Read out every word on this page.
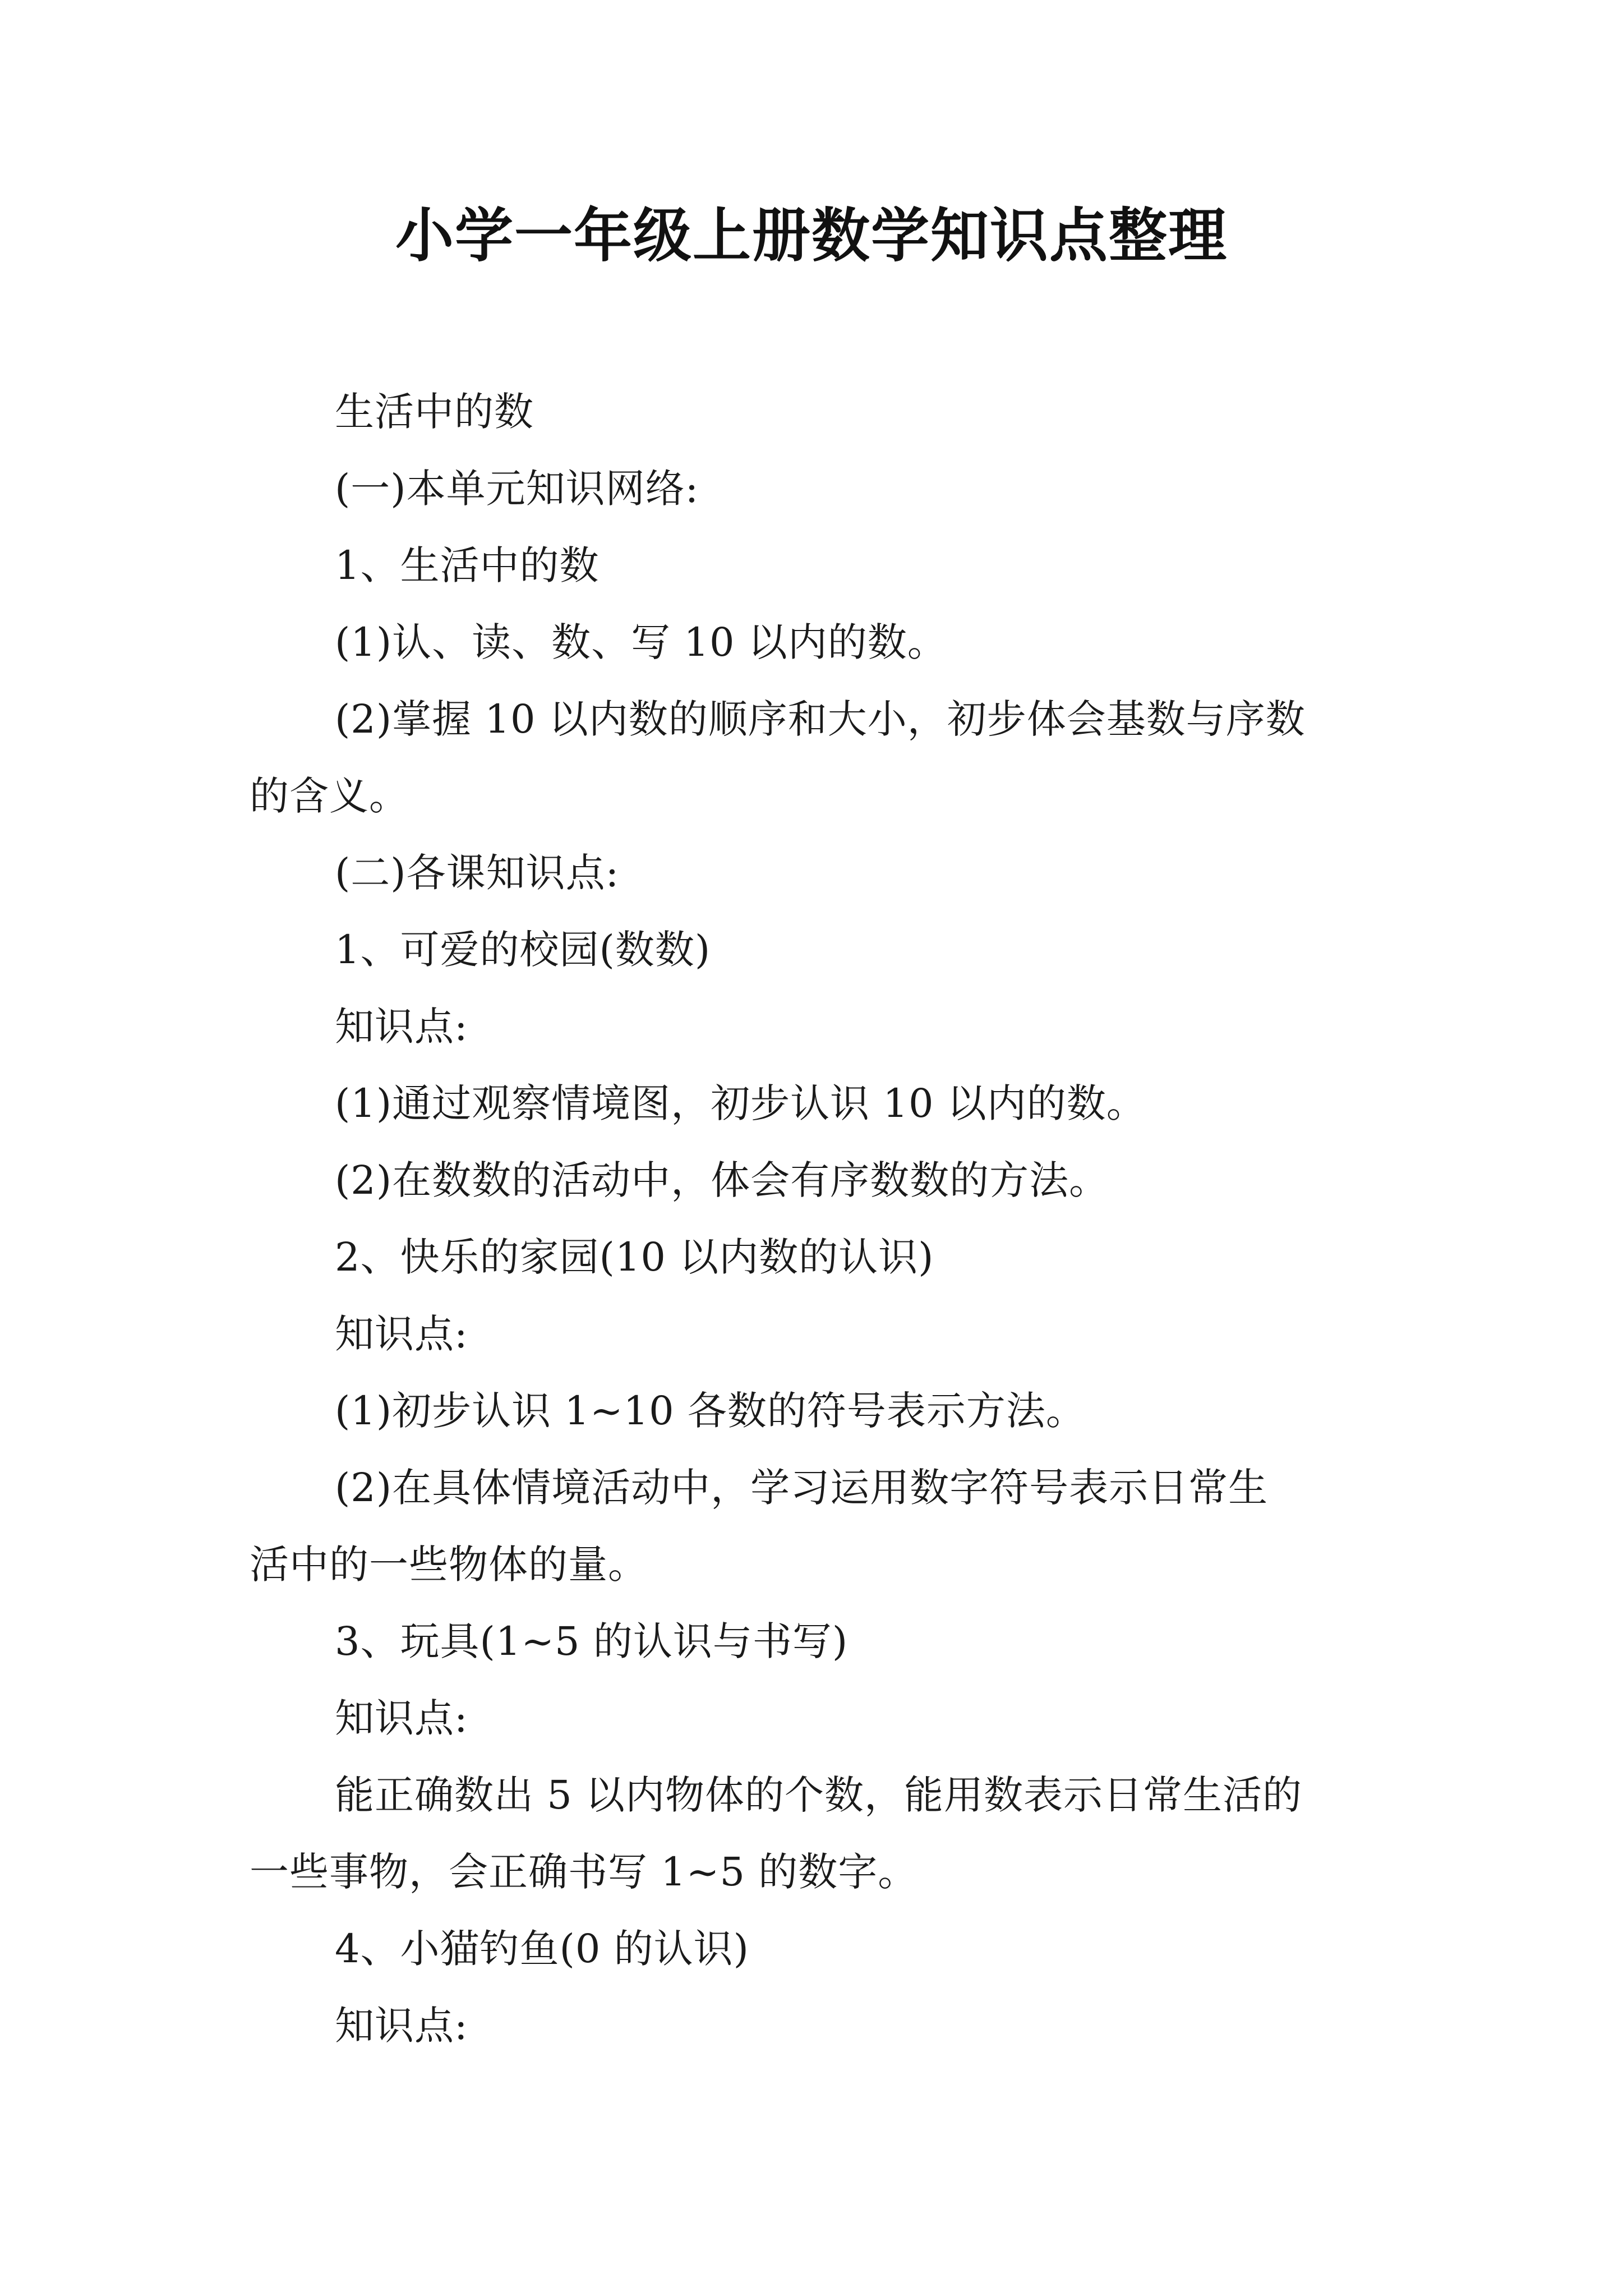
小学一年级上册数学知识点整理

生活中的数

(一)本单元知识网络:

1、生活中的数

(1)认、读、数、写 10 以内的数。

(2)掌握 10 以内数的顺序和大小，初步体会基数与序数

的含义。

(二)各课知识点:

1、可爱的校园(数数)

知识点:

(1)通过观察情境图，初步认识 10 以内的数。

(2)在数数的活动中，体会有序数数的方法。

2、快乐的家园(10 以内数的认识)

知识点:

(1)初步认识 1~10 各数的符号表示方法。

(2)在具体情境活动中，学习运用数字符号表示日常生

活中的一些物体的量。

3、玩具(1~5 的认识与书写)

知识点:

能正确数出 5 以内物体的个数，能用数表示日常生活的

一些事物，会正确书写 1~5 的数字。

4、小猫钓鱼(0 的认识)

知识点:
